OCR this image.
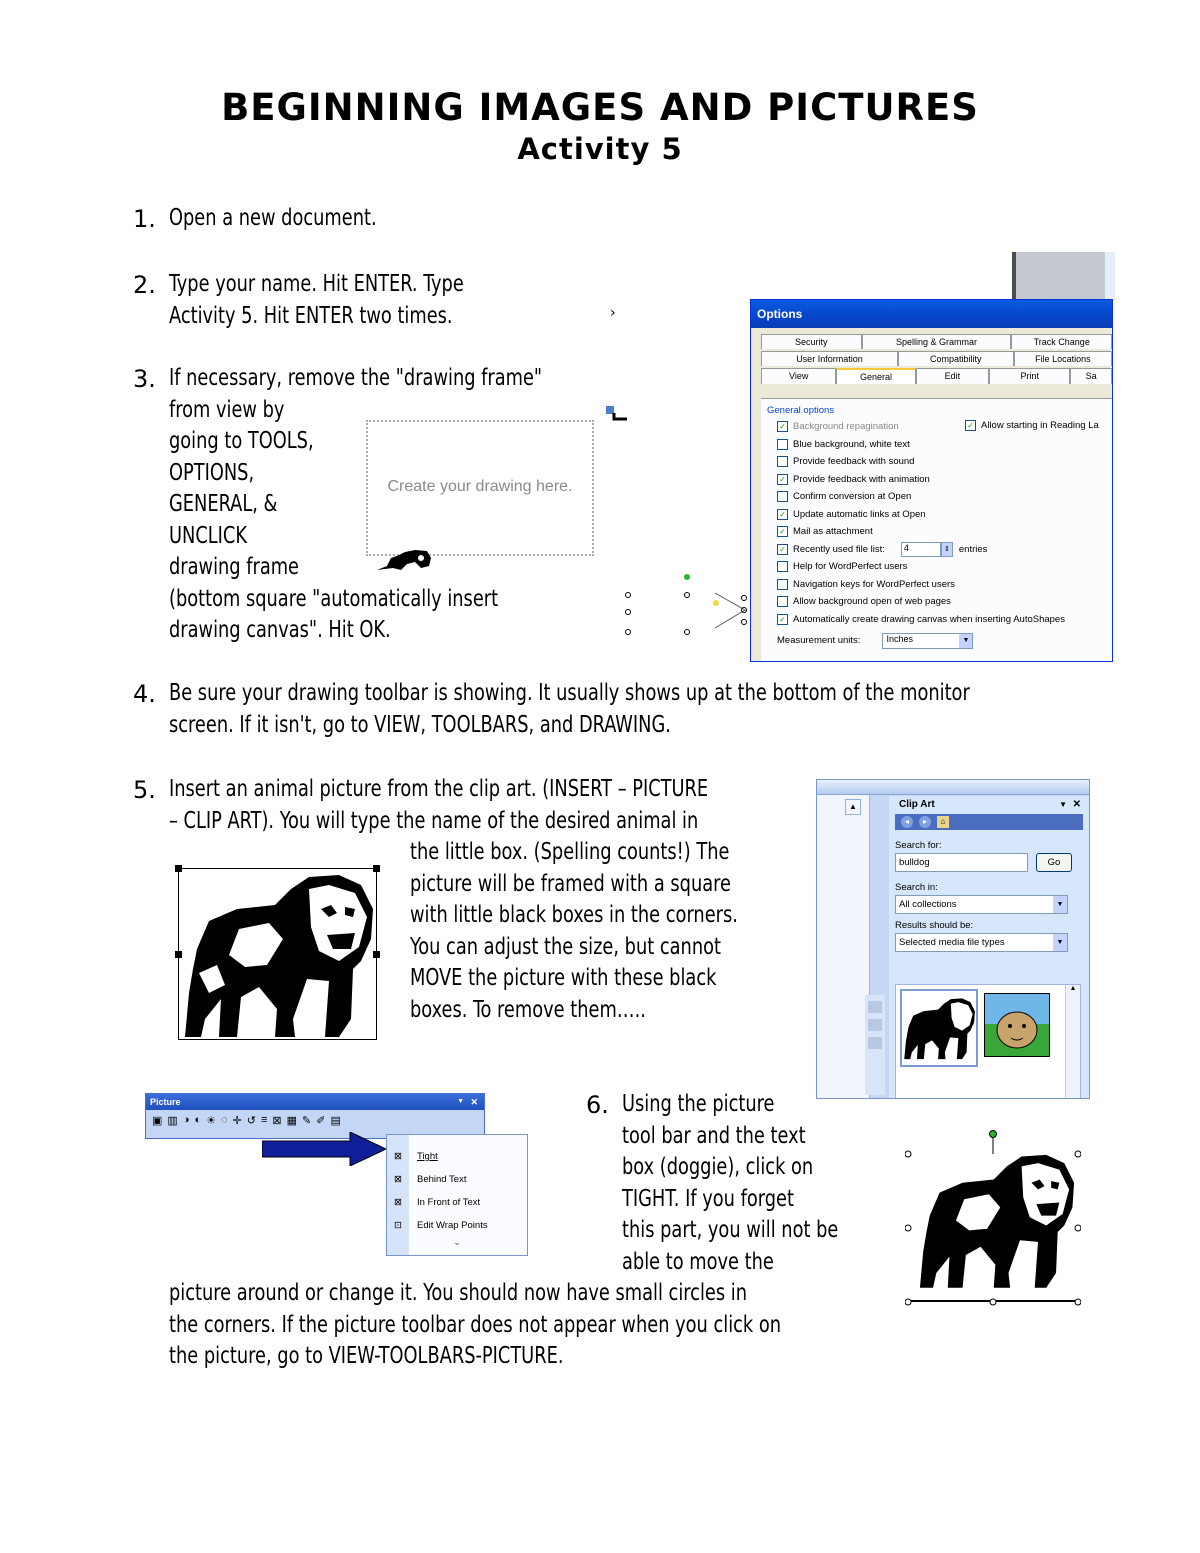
BEGINNING IMAGES AND PICTURES
Activity 5
1. Open a new document.
2. Type your name. Hit ENTER. Type
Activity 5. Hit ENTER two times.
3. If necessary, remove the "drawing frame"
from view by
going to TOOLS,
OPTIONS,
GENERAL, &
UNCLICK
drawing frame
(bottom square "automatically insert
drawing canvas". Hit OK.
Create your drawing here.
›	Options
Security	Spelling & Grammar	Track Change
User Information	Compatibility	File Locations
View	General	Edit	Print	Sa
General options
✓ Background repagination
Blue background, white text
Provide feedback with sound
✓ Provide feedback with animation
Confirm conversion at Open
✓ Update automatic links at Open
✓ Mail as attachment
✓ Recently used file list:	4	⇕ entries
Help for WordPerfect users
Navigation keys for WordPerfect users
Allow background open of web pages
✓ Automatically create drawing canvas when inserting AutoShapes
Measurement units:	Inches	▼
✓ Allow starting in Reading La
4. Be sure your drawing toolbar is showing. It usually shows up at the bottom of the monitor
screen. If it isn't, go to VIEW, TOOLBARS, and DRAWING.
5. Insert an animal picture from the clip art. (INSERT – PICTURE
– CLIP ART). You will type the name of the desired animal in
the little box. (Spelling counts!) The
picture will be framed with a square
with little black boxes in the corners.
You can adjust the size, but cannot
MOVE the picture with these black
boxes. To remove them…..
▲	Clip Art	▼ ✕
◂	▸	⌂
Search for:
bulldog	Go
Search in:
All collections	▼
Results should be:
Selected media file types	▼
▲
Picture	▼ ✕
▣ ▥ ◑ ◐ ☀ ◌ ✛ ↺ ≡ ⊠ ▦ ✎ ✐ ▤
⊠	Tight
⊠	Behind Text
⊠	In Front of Text
⊡	Edit Wrap Points
⌄
6. Using the picture
tool bar and the text
box (doggie), click on
TIGHT. If you forget
this part, you will not be
able to move the
picture around or change it. You should now have small circles in
the corners. If the picture toolbar does not appear when you click on
the picture, go to VIEW-TOOLBARS-PICTURE.
